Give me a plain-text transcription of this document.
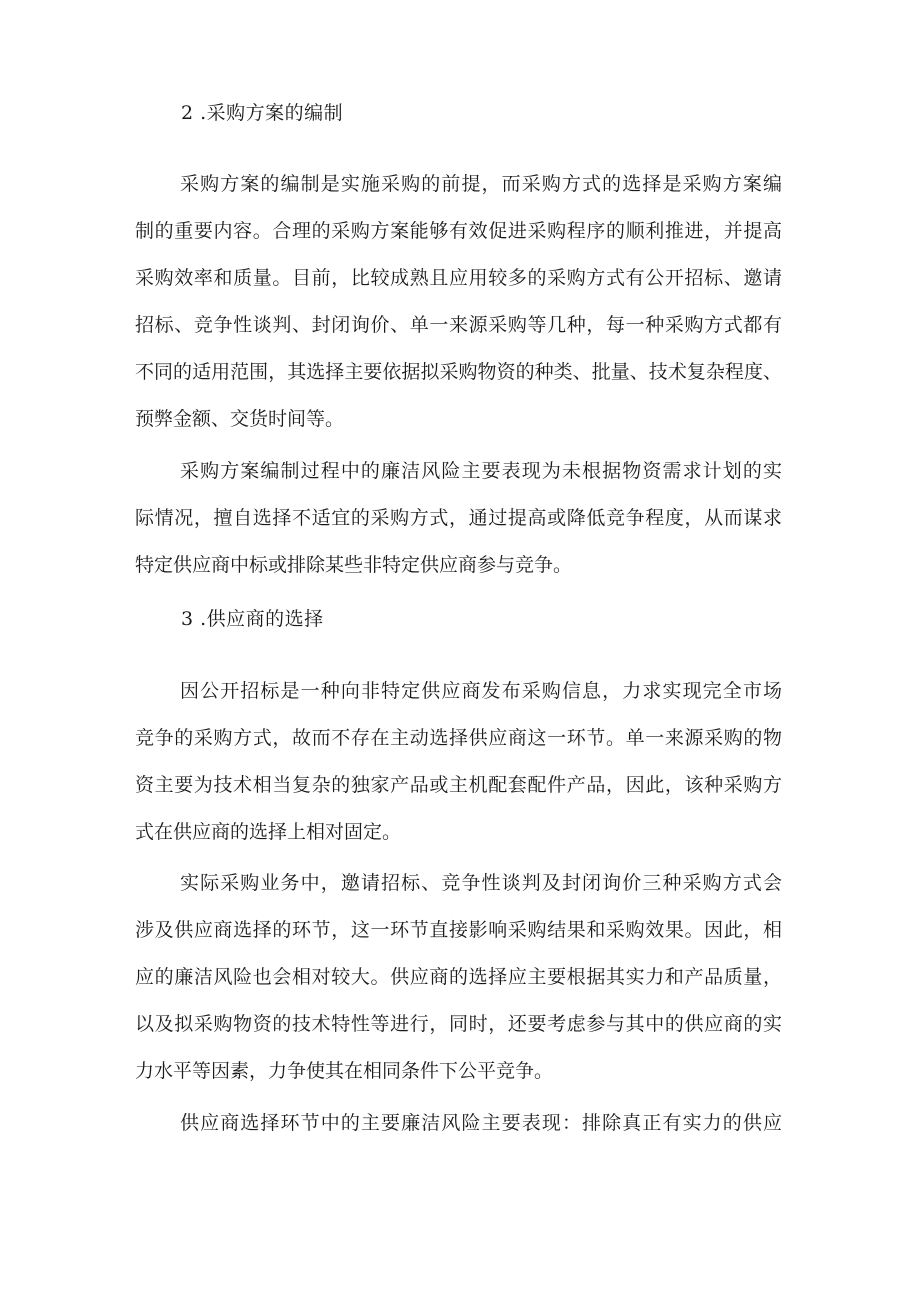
2 .采购方案的编制
采购方案的编制是实施采购的前提，而采购方式的选择是采购方案编
制的重要内容。合理的采购方案能够有效促进采购程序的顺利推进，并提高
采购效率和质量。目前，比较成熟且应用较多的采购方式有公开招标、邀请
招标、竞争性谈判、封闭询价、单一来源采购等几种，每一种采购方式都有
不同的适用范围，其选择主要依据拟采购物资的种类、批量、技术复杂程度、
预弊金额、交货时间等。
采购方案编制过程中的廉洁风险主要表现为未根据物资需求计划的实
际情况，擅自选择不适宜的采购方式，通过提高或降低竞争程度，从而谋求
特定供应商中标或排除某些非特定供应商参与竞争。
3 .供应商的选择
因公开招标是一种向非特定供应商发布采购信息，力求实现完全市场
竞争的采购方式，故而不存在主动选择供应商这一环节。单一来源采购的物
资主要为技术相当复杂的独家产品或主机配套配件产品，因此，该种采购方
式在供应商的选择上相对固定。
实际采购业务中，邀请招标、竞争性谈判及封闭询价三种采购方式会
涉及供应商选择的环节，这一环节直接影响采购结果和采购效果。因此，相
应的廉洁风险也会相对较大。供应商的选择应主要根据其实力和产品质量，
以及拟采购物资的技术特性等进行，同时，还要考虑参与其中的供应商的实
力水平等因素，力争使其在相同条件下公平竞争。
供应商选择环节中的主要廉洁风险主要表现：排除真正有实力的供应
